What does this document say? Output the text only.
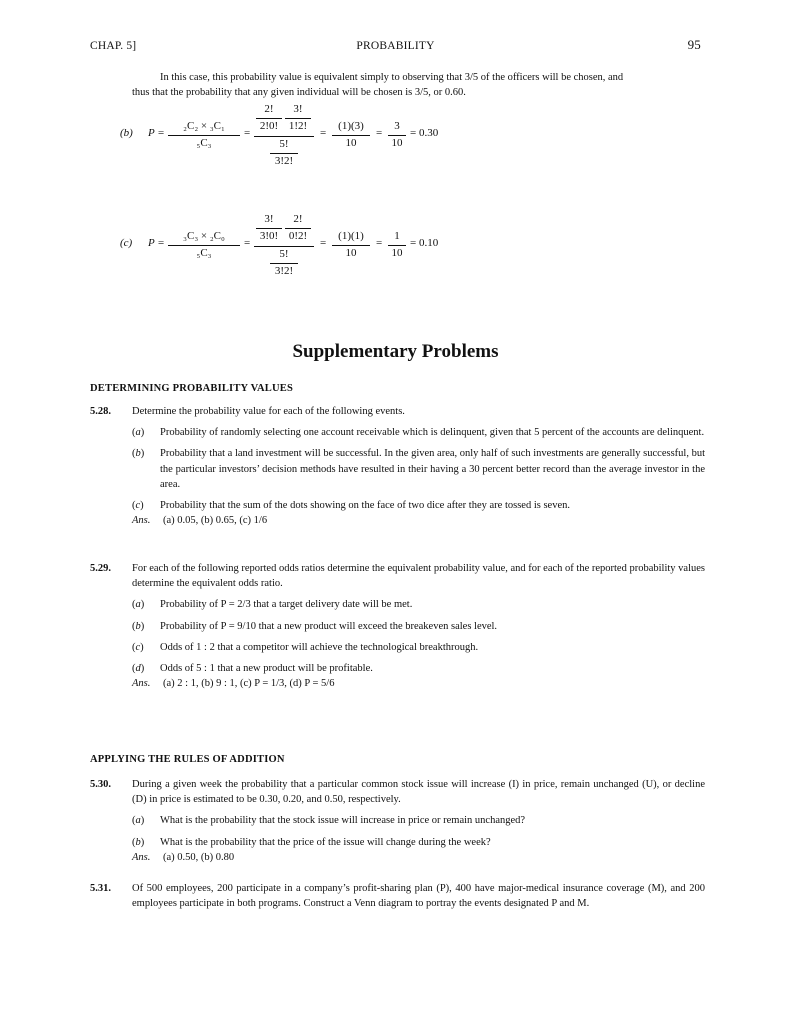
CHAP. 5]	PROBABILITY	95

In this case, this probability value is equivalent simply to observing that 3/5 of the officers will be chosen, and

thus that the probability that any given individual will be chosen is 3/5, or 0.60.

(b) $P = \frac{\text{₂C₂ × ₃C₁}}{\text{₅C₃}} = \frac{2!}{2!0!} \frac{3!}{1!2!}$
5!
3!2!
= $\frac{(1)(3)}{10} = \frac{3}{10} = 0.30$
(c) $P = \frac{\text{₃C₃ × ₂C₀}}{\text{₅C₃}} = \frac{3!}{3!0!} \frac{2!}{0!2!}$
5!
3!2!
= $\frac{(1)(1)}{10} = \frac{1}{10} = 0.10$
Supplementary Problems
DETERMINING PROBABILITY VALUES
5.28. Determine the probability value for each of the following events.

( a )	Probability of randomly selecting one account receivable which is delinquent, given that 5 percent of the accounts are delinquent.
( b )	Probability that a land investment will be successful. In the given area, only half of such investments are generally successful, but the particular investors’ decision methods have resulted in their having a 30 percent better record than the average investor in the area.
( c )	Probability that the sum of the dots showing on the face of two dice after they are tossed is seven.
Ans. (a) 0.05, (b) 0.65, (c) 1/6
5.29. For each of the following reported odds ratios determine the equivalent probability value, and for each of the reported probability values determine the equivalent odds ratio.

( a )	Probability of P = 2/3 that a target delivery date will be met.
( b )	Probability of P = 9/10 that a new product will exceed the breakeven sales level.
( c )	Odds of 1 : 2 that a competitor will achieve the technological breakthrough.
( d )	Odds of 5 : 1 that a new product will be profitable.
Ans. (a) 2 : 1, (b) 9 : 1, (c) P = 1/3, (d) P = 5/6
APPLYING THE RULES OF ADDITION
5.30. During a given week the probability that a particular common stock issue will increase (I) in price, remain unchanged (U), or decline (D) in price is estimated to be 0.30, 0.20, and 0.50, respectively.

( a )	What is the probability that the stock issue will increase in price or remain unchanged?
( b )	What is the probability that the price of the issue will change during the week?
Ans. (a) 0.50, (b) 0.80
5.31. Of 500 employees, 200 participate in a company’s profit-sharing plan (P), 400 have major-medical insurance coverage (M), and 200 employees participate in both programs. Construct a Venn diagram to portray the events designated P and M.
